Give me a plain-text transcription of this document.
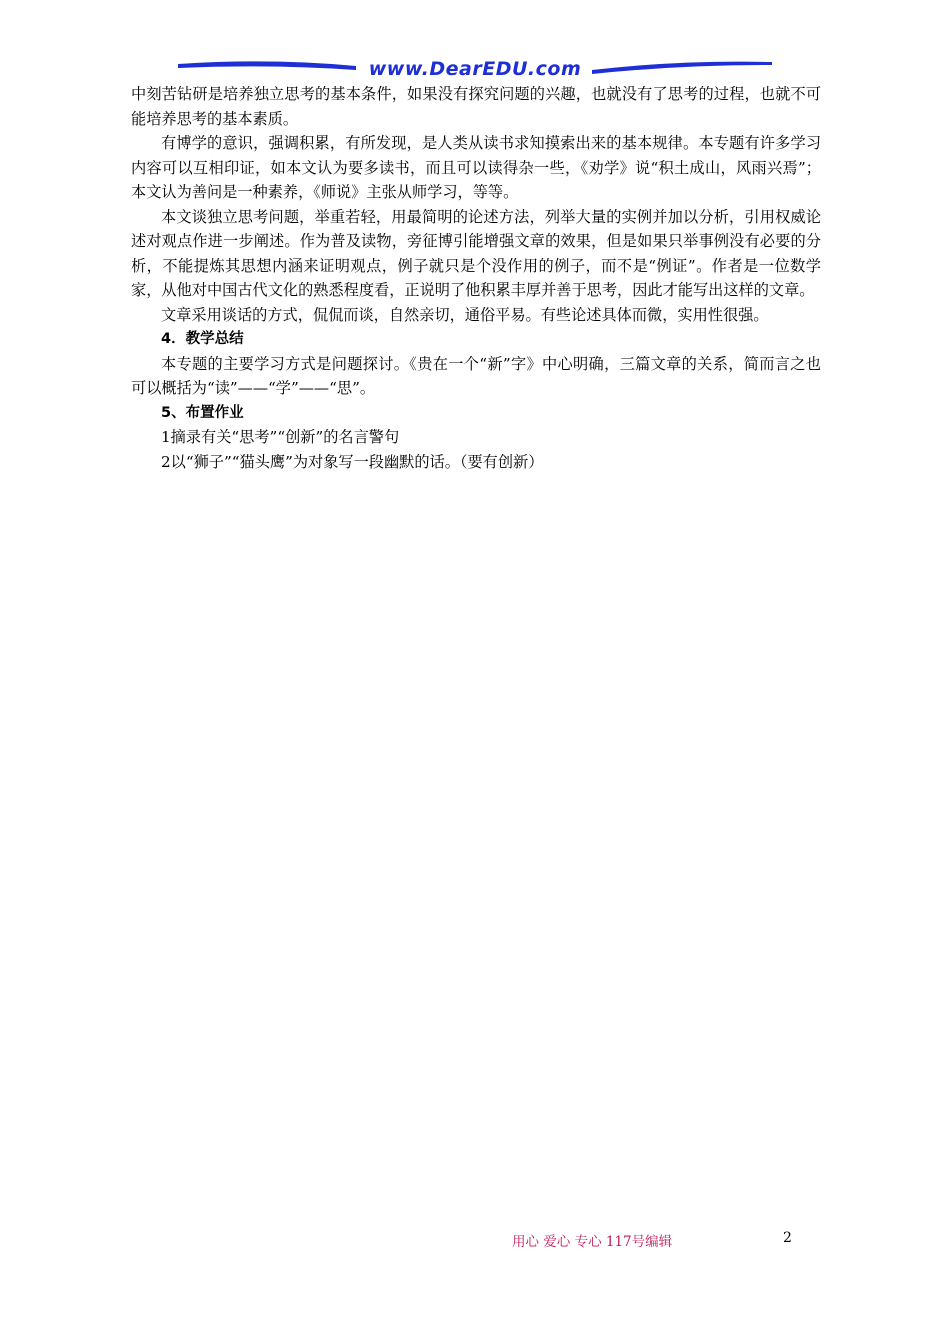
www.DearEDU.com

中刻苦钻研是培养独立思考的基本条件，如果没有探究问题的兴趣，也就没有了思考的过程，也就不可能培养思考的基本素质。

有博学的意识，强调积累，有所发现，是人类从读书求知摸索出来的基本规律。本专题有许多学习内容可以互相印证，如本文认为要多读书，而且可以读得杂一些，《劝学》说“积土成山，风雨兴焉”；本文认为善问是一种素养，《师说》主张从师学习，等等。

本文谈独立思考问题，举重若轻，用最简明的论述方法，列举大量的实例并加以分析，引用权威论述对观点作进一步阐述。作为普及读物，旁征博引能增强文章的效果，但是如果只举事例没有必要的分析，不能提炼其思想内涵来证明观点，例子就只是个没作用的例子，而不是“例证”。作者是一位数学家，从他对中国古代文化的熟悉程度看，正说明了他积累丰厚并善于思考，因此才能写出这样的文章。

文章采用谈话的方式，侃侃而谈，自然亲切，通俗平易。有些论述具体而微，实用性很强。

4．教学总结

本专题的主要学习方式是问题探讨。《贵在一个“新”字》中心明确，三篇文章的关系，简而言之也可以概括为“读”——“学”——“思”。

5、布置作业

1摘录有关“思考”“创新”的名言警句

2以“狮子”“猫头鹰”为对象写一段幽默的话。（要有创新）

用心 爱心 专心 117号编辑	2
